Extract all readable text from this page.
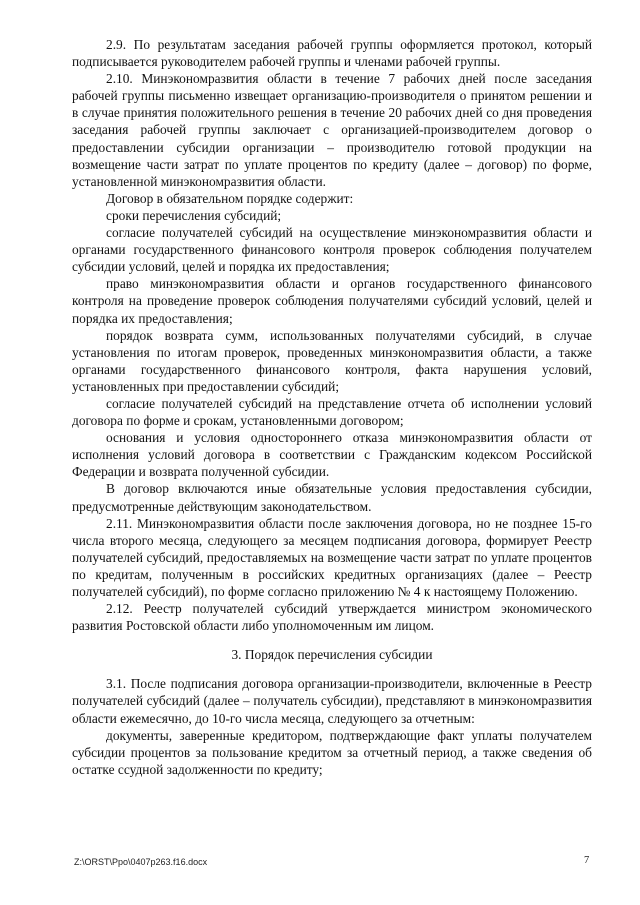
2.9. По результатам заседания рабочей группы оформляется протокол, который подписывается руководителем рабочей группы и членами рабочей группы.

2.10. Минэкономразвития области в течение 7 рабочих дней после заседания рабочей группы письменно извещает организацию-производителя о принятом решении и в случае принятия положительного решения в течение 20 рабочих дней со дня проведения заседания рабочей группы заключает с организацией-производителем договор о предоставлении субсидии организации – производителю готовой продукции на возмещение части затрат по уплате процентов по кредиту (далее – договор) по форме, установленной минэкономразвития области.

Договор в обязательном порядке содержит:

сроки перечисления субсидий;

согласие получателей субсидий на осуществление минэкономразвития области и органами государственного финансового контроля проверок соблюдения получателем субсидии условий, целей и порядка их предоставления;

право минэкономразвития области и органов государственного финансового контроля на проведение проверок соблюдения получателями субсидий условий, целей и порядка их предоставления;

порядок возврата сумм, использованных получателями субсидий, в случае установления по итогам проверок, проведенных минэкономразвития области, а также органами государственного финансового контроля, факта нарушения условий, установленных при предоставлении субсидий;

согласие получателей субсидий на представление отчета об исполнении условий договора по форме и срокам, установленными договором;

основания и условия одностороннего отказа минэкономразвития области от исполнения условий договора в соответствии с Гражданским кодексом Российской Федерации и возврата полученной субсидии.

В договор включаются иные обязательные условия предоставления субсидии, предусмотренные действующим законодательством.

2.11. Минэкономразвития области после заключения договора, но не позднее 15-го числа второго месяца, следующего за месяцем подписания договора, формирует Реестр получателей субсидий, предоставляемых на возмещение части затрат по уплате процентов по кредитам, полученным в российских кредитных организациях (далее – Реестр получателей субсидий), по форме согласно приложению № 4 к настоящему Положению.

2.12. Реестр получателей субсидий утверждается министром экономического развития Ростовской области либо уполномоченным им лицом.

3. Порядок перечисления субсидии

3.1. После подписания договора организации-производители, включенные в Реестр получателей субсидий (далее – получатель субсидии), представляют в минэкономразвития области ежемесячно, до 10-го числа месяца, следующего за отчетным:

документы, заверенные кредитором, подтверждающие факт уплаты получателем субсидии процентов за пользование кредитом за отчетный период, а также сведения об остатке ссудной задолженности по кредиту;

Z:\ORST\Ppo\0407p263.f16.docx	7
